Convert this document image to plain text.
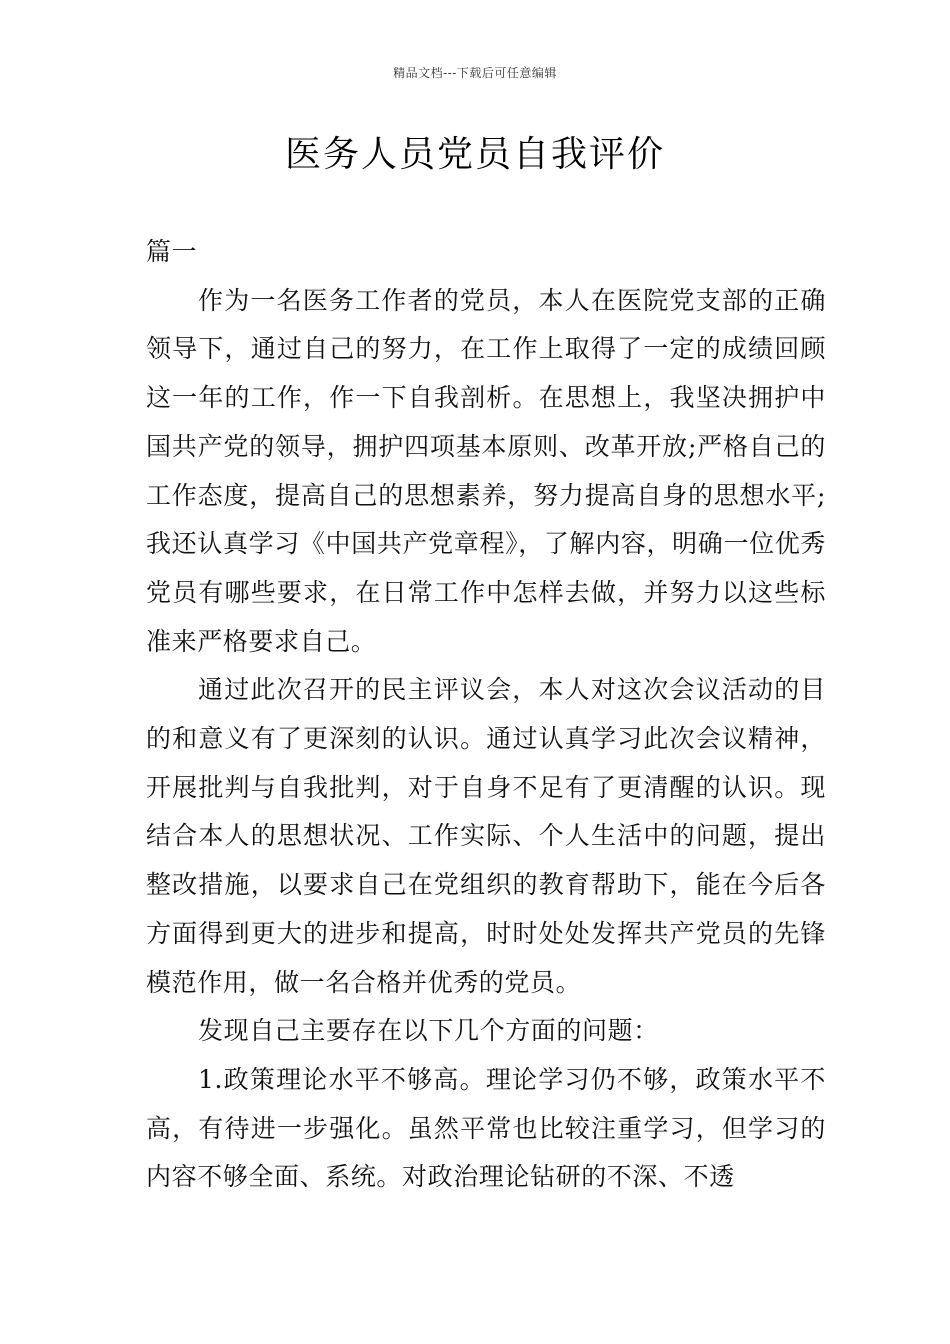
精品文档---下载后可任意编辑
医务人员党员自我评价

篇一

作为一名医务工作者的党员，本人在医院党支部的正确领导下，通过自己的努力，在工作上取得了一定的成绩回顾这一年的工作，作一下自我剖析。在思想上，我坚决拥护中国共产党的领导，拥护四项基本原则、改革开放;严格自己的工作态度，提高自己的思想素养，努力提高自身的思想水平;我还认真学习《中国共产党章程》，了解内容，明确一位优秀党员有哪些要求，在日常工作中怎样去做，并努力以这些标准来严格要求自己。

通过此次召开的民主评议会，本人对这次会议活动的目的和意义有了更深刻的认识。通过认真学习此次会议精神，开展批判与自我批判，对于自身不足有了更清醒的认识。现结合本人的思想状况、工作实际、个人生活中的问题，提出整改措施，以要求自己在党组织的教育帮助下，能在今后各方面得到更大的进步和提高，时时处处发挥共产党员的先锋模范作用，做一名合格并优秀的党员。

发现自己主要存在以下几个方面的问题：

1.政策理论水平不够高。理论学习仍不够，政策水平不高，有待进一步强化。虽然平常也比较注重学习，但学习的内容不够全面、系统。对政治理论钻研的不深、不透
